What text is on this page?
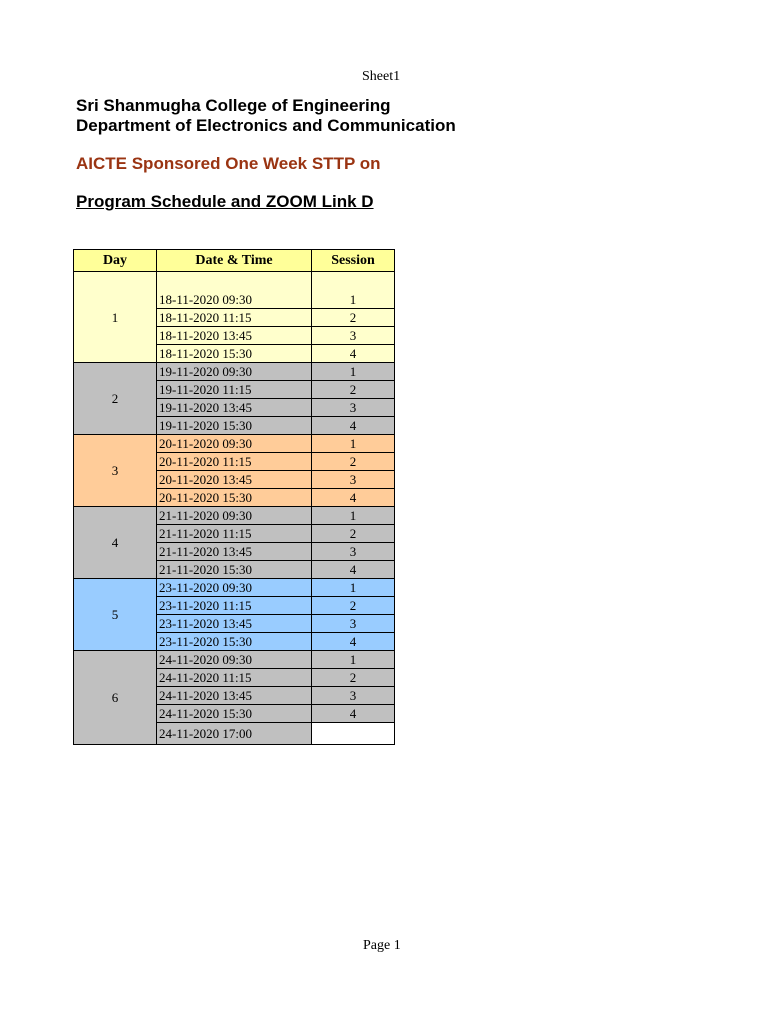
Sheet1
Sri Shanmugha College of Engineering
Department of Electronics and Communication
AICTE Sponsored One Week STTP on
Program Schedule and ZOOM Link D
Day	Date & Time	Session
1	18-11-2020 09:30	1
	18-11-2020 11:15	2
	18-11-2020 13:45	3
	18-11-2020 15:30	4
2	19-11-2020 09:30	1
	19-11-2020 11:15	2
	19-11-2020 13:45	3
	19-11-2020 15:30	4
3	20-11-2020 09:30	1
	20-11-2020 11:15	2
	20-11-2020 13:45	3
	20-11-2020 15:30	4
4	21-11-2020 09:30	1
	21-11-2020 11:15	2
	21-11-2020 13:45	3
	21-11-2020 15:30	4
5	23-11-2020 09:30	1
	23-11-2020 11:15	2
	23-11-2020 13:45	3
	23-11-2020 15:30	4
6	24-11-2020 09:30	1
	24-11-2020 11:15	2
	24-11-2020 13:45	3
	24-11-2020 15:30	4
	24-11-2020 17:00	
Page 1
